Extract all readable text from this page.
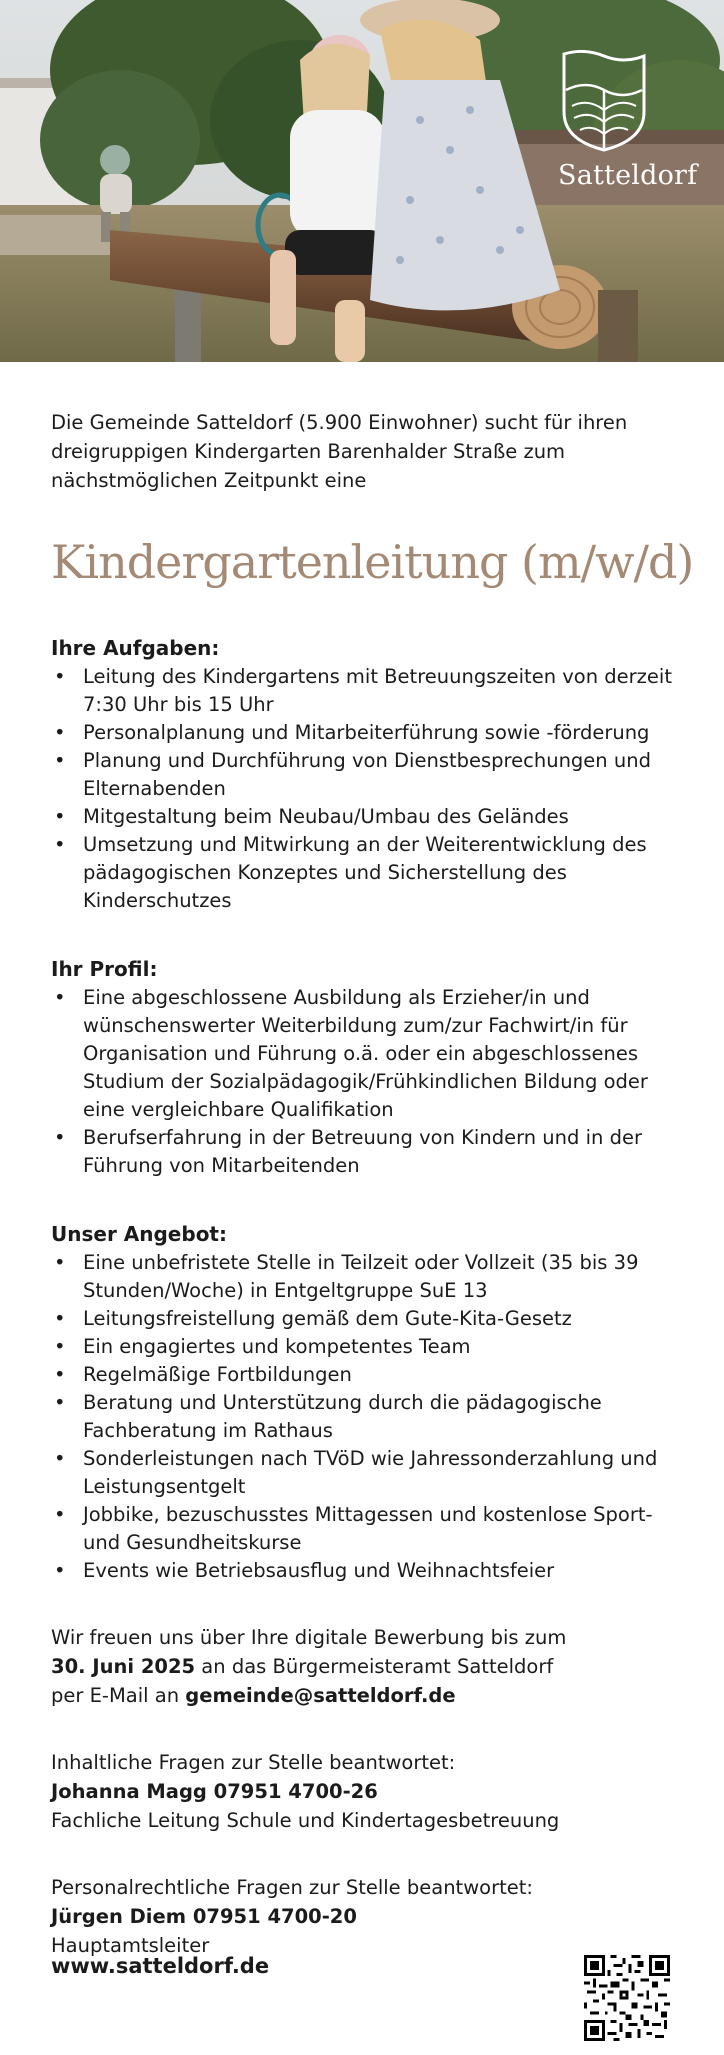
Satteldorf

Die Gemeinde Satteldorf (5.900 Einwohner) sucht für ihren dreigruppigen Kindergarten Barenhalder Straße zum nächstmöglichen Zeitpunkt eine

Kindergartenleitung (m/w/d)

Ihre Aufgaben:

• Leitung des Kindergartens mit Betreuungszeiten von derzeit 7:30 Uhr bis 15 Uhr
• Personalplanung und Mitarbeiterführung sowie -förderung
• Planung und Durchführung von Dienstbesprechungen und Elternabenden
• Mitgestaltung beim Neubau/Umbau des Geländes
• Umsetzung und Mitwirkung an der Weiterentwicklung des pädagogischen Konzeptes und Sicherstellung des Kinderschutzes

Ihr Profil:

• Eine abgeschlossene Ausbildung als Erzieher/in und wünschenswerter Weiterbildung zum/zur Fachwirt/in für Organisation und Führung o.ä. oder ein abgeschlossenes Studium der Sozialpädagogik/Frühkindlichen Bildung oder eine vergleichbare Qualifikation
• Berufserfahrung in der Betreuung von Kindern und in der Führung von Mitarbeitenden

Unser Angebot:

• Eine unbefristete Stelle in Teilzeit oder Vollzeit (35 bis 39 Stunden/Woche) in Entgeltgruppe SuE 13
• Leitungsfreistellung gemäß dem Gute-Kita-Gesetz
• Ein engagiertes und kompetentes Team
• Regelmäßige Fortbildungen
• Beratung und Unterstützung durch die pädagogische Fachberatung im Rathaus
• Sonderleistungen nach TVöD wie Jahressonderzahlung und Leistungsentgelt
• Jobbike, bezuschusstes Mittagessen und kostenlose Sport- und Gesundheitskurse
• Events wie Betriebsausflug und Weihnachtsfeier
Wir freuen uns über Ihre digitale Bewerbung bis zum
30. Juni 2025 an das Bürgermeisteramt Satteldorf
per E-Mail an gemeinde@satteldorf.de
Inhaltliche Fragen zur Stelle beantwortet:
Johanna Magg 07951 4700-26
Fachliche Leitung Schule und Kindertagesbetreuung
Personalrechtliche Fragen zur Stelle beantwortet:
Jürgen Diem 07951 4700-20
Hauptamtsleiter
www.satteldorf.de
